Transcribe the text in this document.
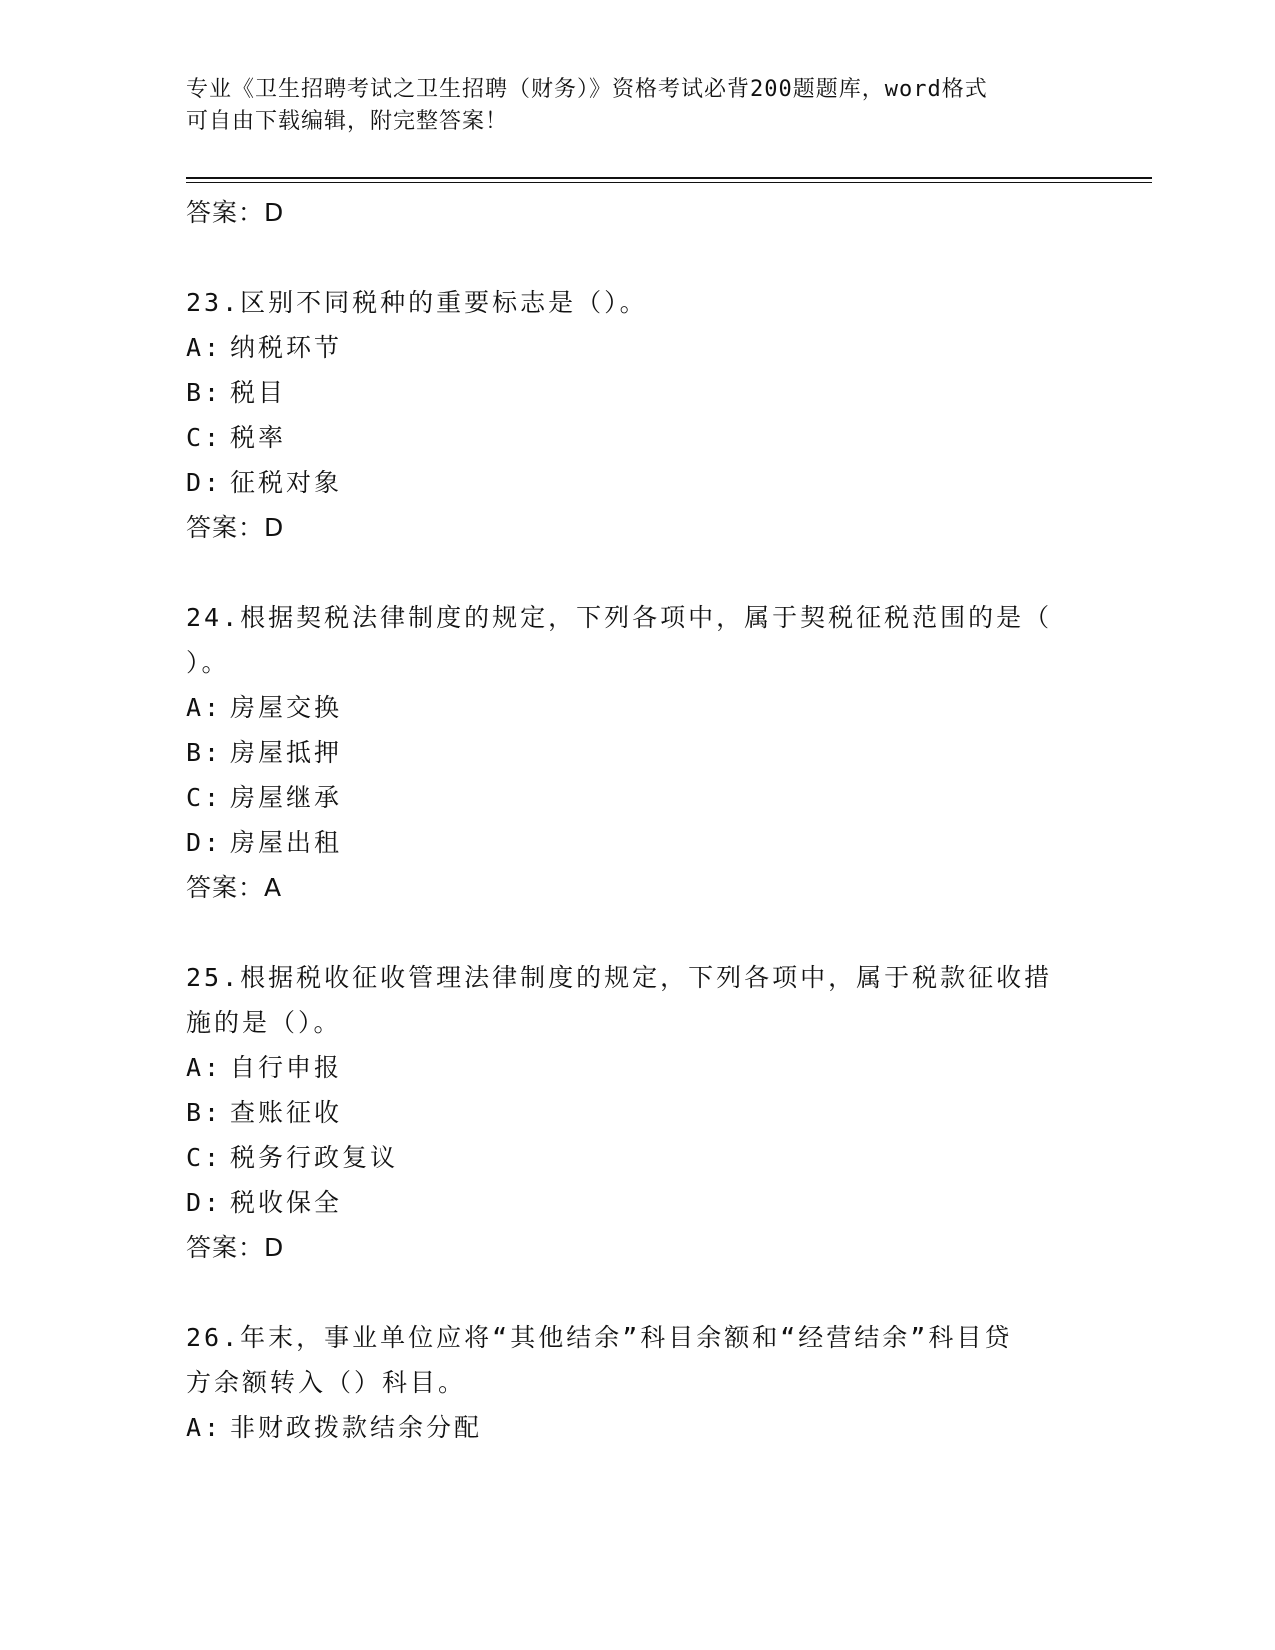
专业《卫生招聘考试之卫生招聘（财务）》资格考试必背200题题库，word格式
可自由下载编辑，附完整答案！
答案：D
23.区别不同税种的重要标志是（）。
A: 纳税环节
B: 税目
C: 税率
D: 征税对象
答案：D
24.根据契税法律制度的规定，下列各项中，属于契税征税范围的是（
）。
A: 房屋交换
B: 房屋抵押
C: 房屋继承
D: 房屋出租
答案：A
25.根据税收征收管理法律制度的规定，下列各项中，属于税款征收措
施的是（）。
A: 自行申报
B: 查账征收
C: 税务行政复议
D: 税收保全
答案：D
26.年末，事业单位应将“其他结余”科目余额和“经营结余”科目贷
方余额转入（）科目。
A: 非财政拨款结余分配
